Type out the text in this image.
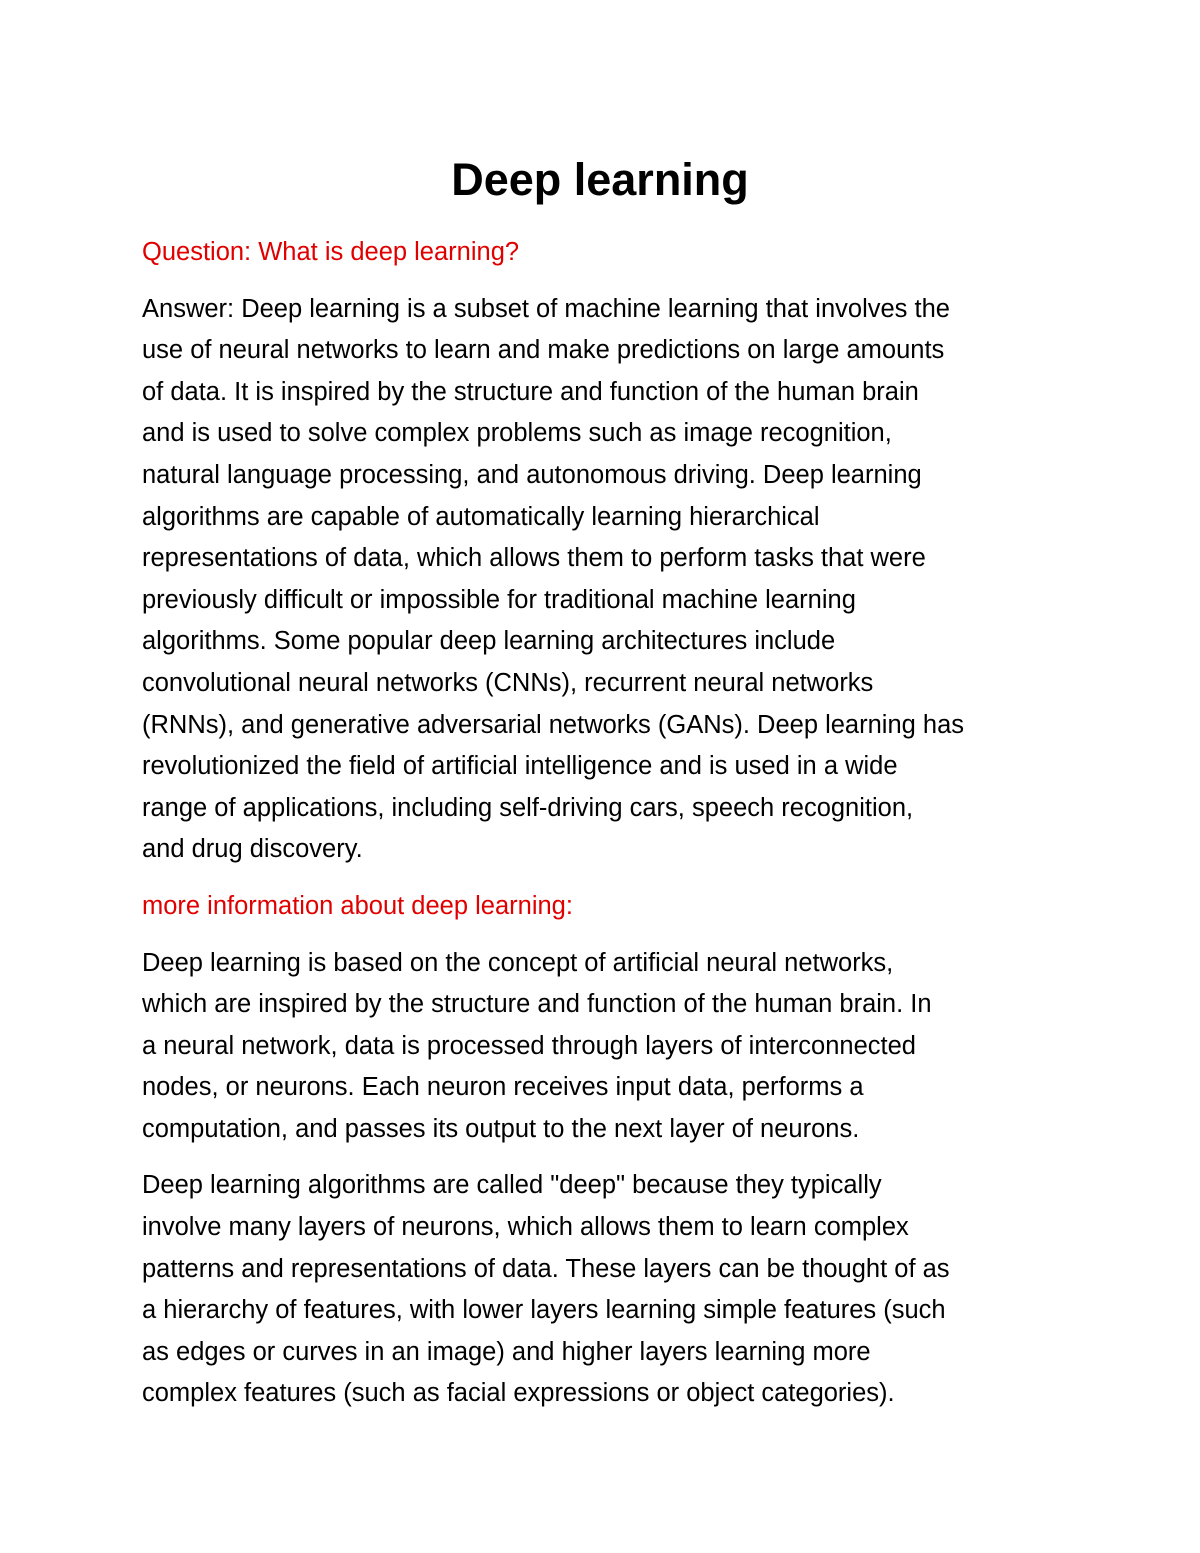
Deep learning

Question: What is deep learning?

Answer: Deep learning is a subset of machine learning that involves the
use of neural networks to learn and make predictions on large amounts
of data. It is inspired by the structure and function of the human brain
and is used to solve complex problems such as image recognition,
natural language processing, and autonomous driving. Deep learning
algorithms are capable of automatically learning hierarchical
representations of data, which allows them to perform tasks that were
previously difficult or impossible for traditional machine learning
algorithms. Some popular deep learning architectures include
convolutional neural networks (CNNs), recurrent neural networks
(RNNs), and generative adversarial networks (GANs). Deep learning has
revolutionized the field of artificial intelligence and is used in a wide
range of applications, including self-driving cars, speech recognition,
and drug discovery.

more information about deep learning:

Deep learning is based on the concept of artificial neural networks,
which are inspired by the structure and function of the human brain. In
a neural network, data is processed through layers of interconnected
nodes, or neurons. Each neuron receives input data, performs a
computation, and passes its output to the next layer of neurons.
Deep learning algorithms are called "deep" because they typically
involve many layers of neurons, which allows them to learn complex
patterns and representations of data. These layers can be thought of as
a hierarchy of features, with lower layers learning simple features (such
as edges or curves in an image) and higher layers learning more
complex features (such as facial expressions or object categories).
